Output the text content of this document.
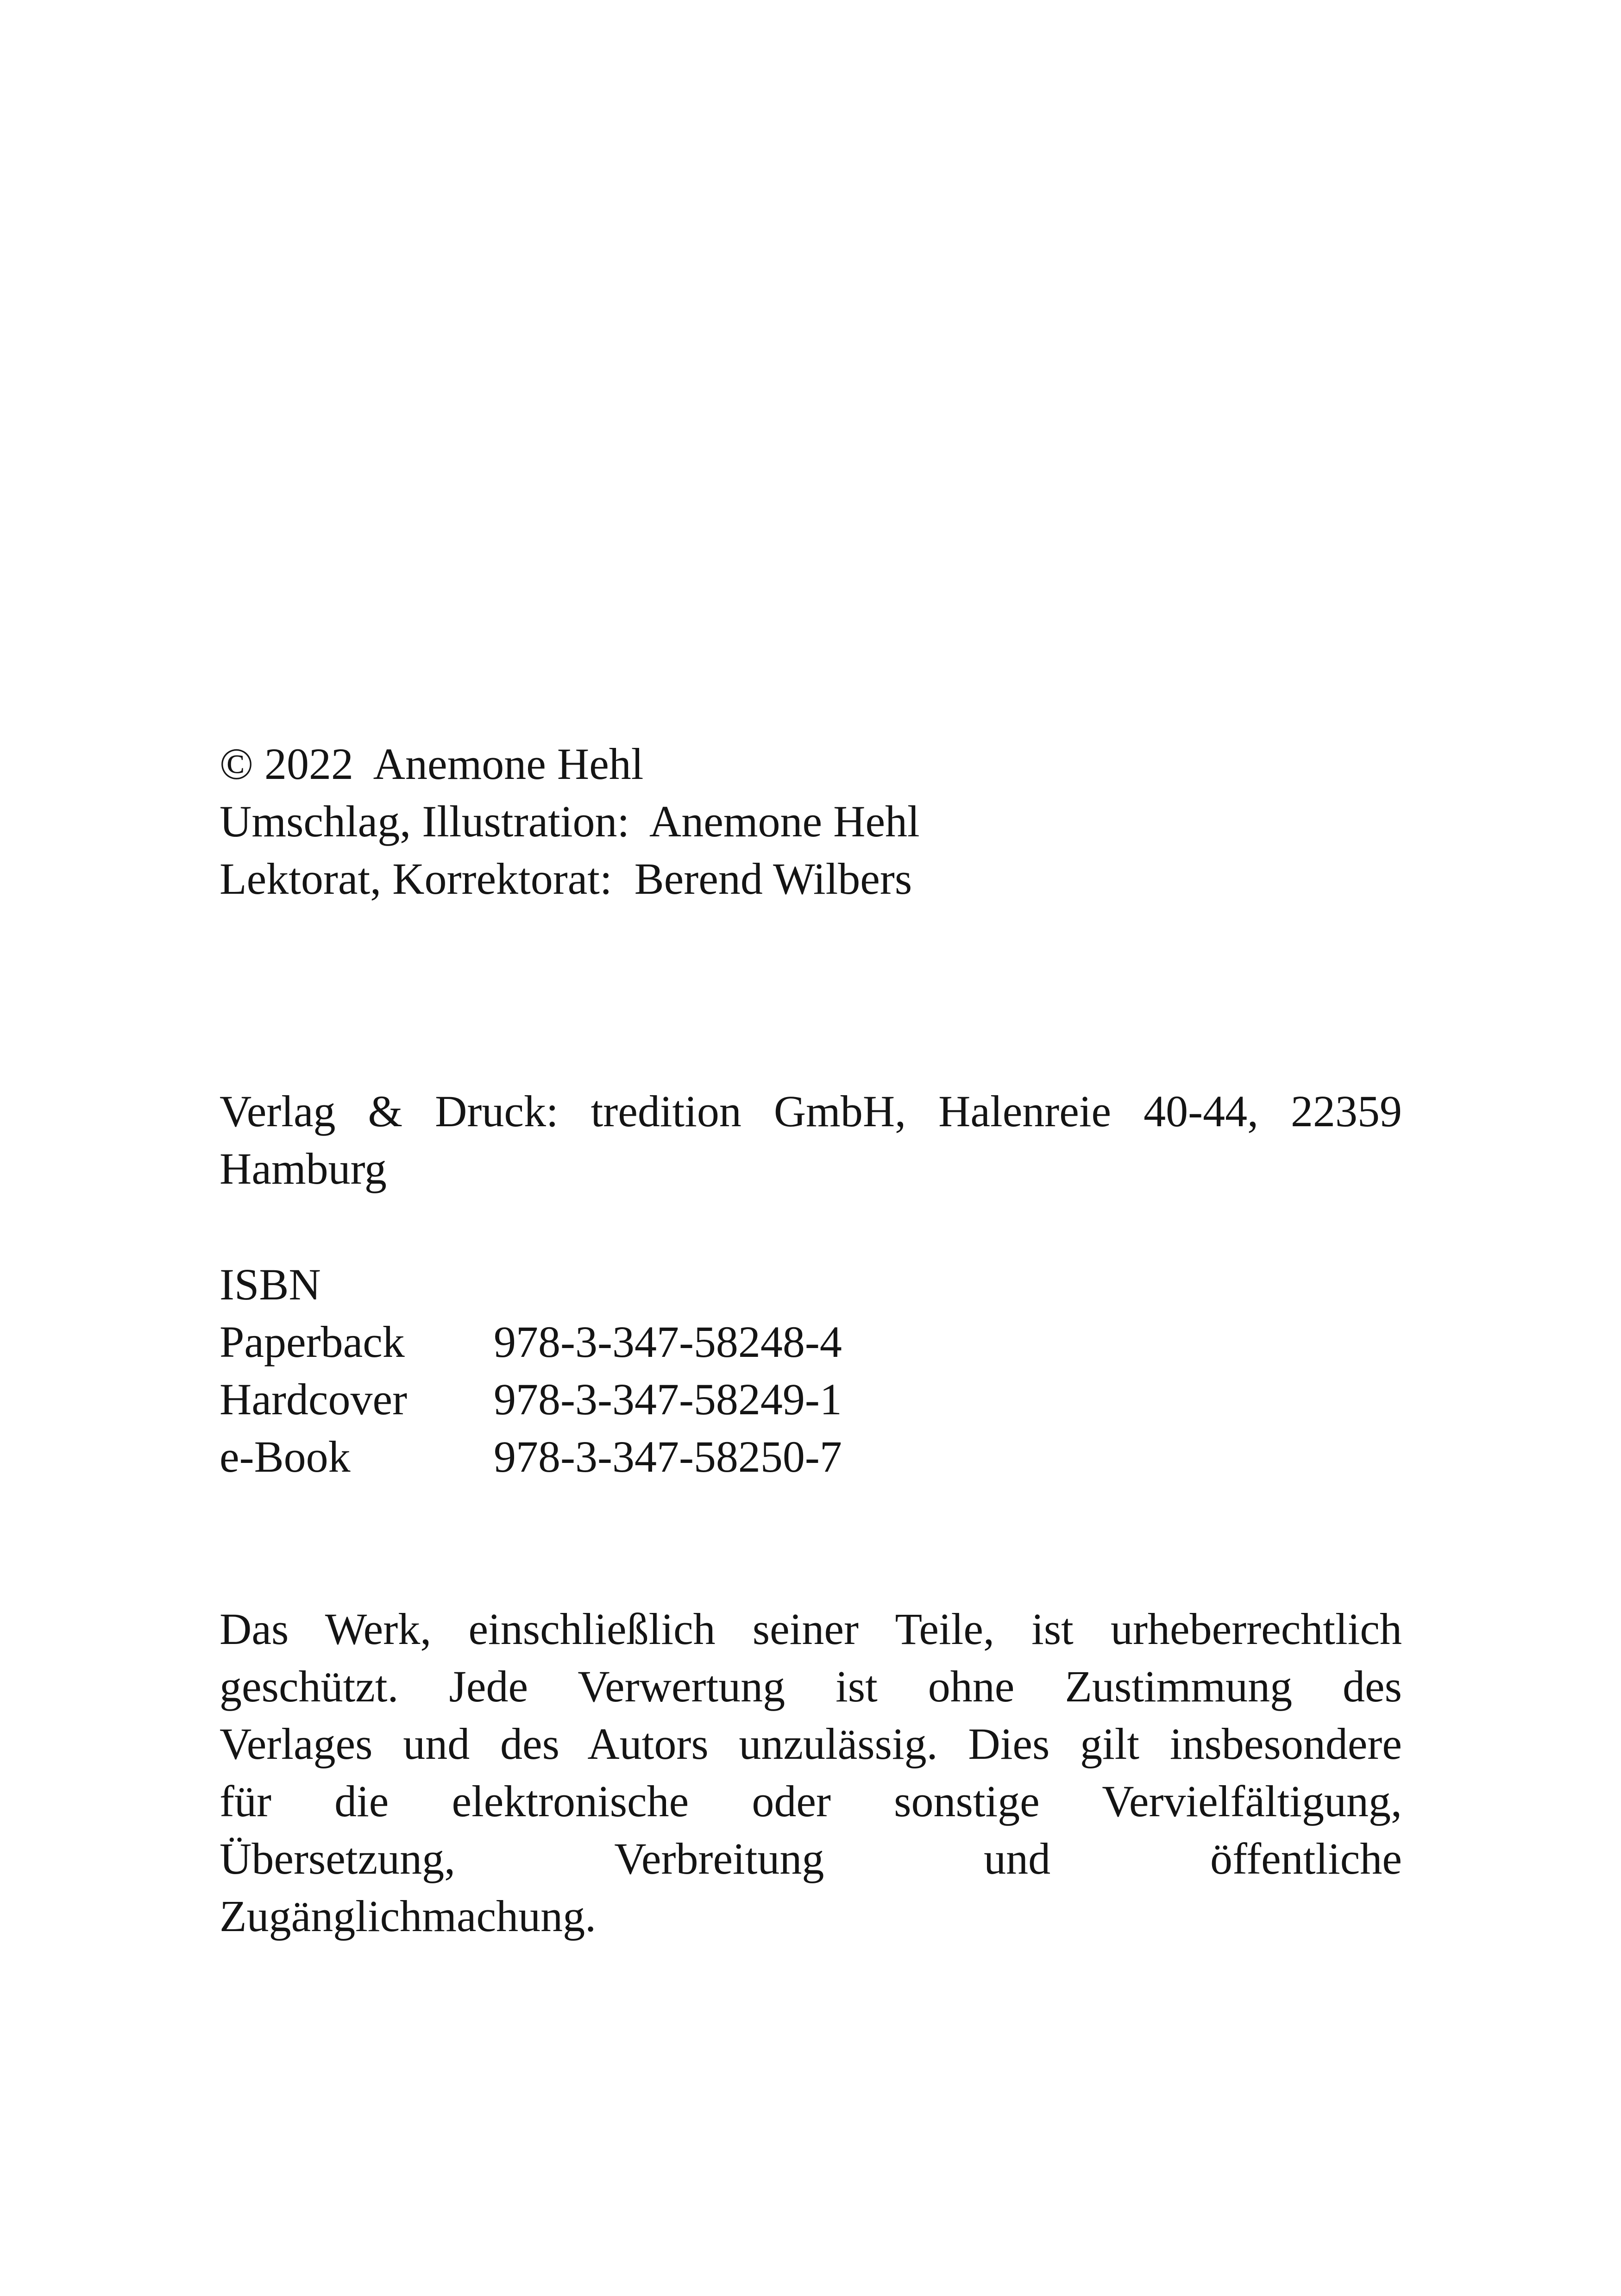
© 2022  Anemone Hehl
Umschlag, Illustration:  Anemone Hehl
Lektorat, Korrektorat:  Berend Wilbers
Verlag & Druck: tredition GmbH, Halenreie 40-44, 22359
Hamburg
ISBN
Paperback	978-3-347-58248-4
Hardcover	978-3-347-58249-1
e-Book	978-3-347-58250-7
Das Werk, einschließlich seiner Teile, ist urheberrechtlich
geschützt. Jede Verwertung ist ohne Zustimmung des
Verlages und des Autors unzulässig. Dies gilt insbesondere
für die elektronische oder sonstige Vervielfältigung,
Übersetzung, Verbreitung und öffentliche
Zugänglichmachung.
